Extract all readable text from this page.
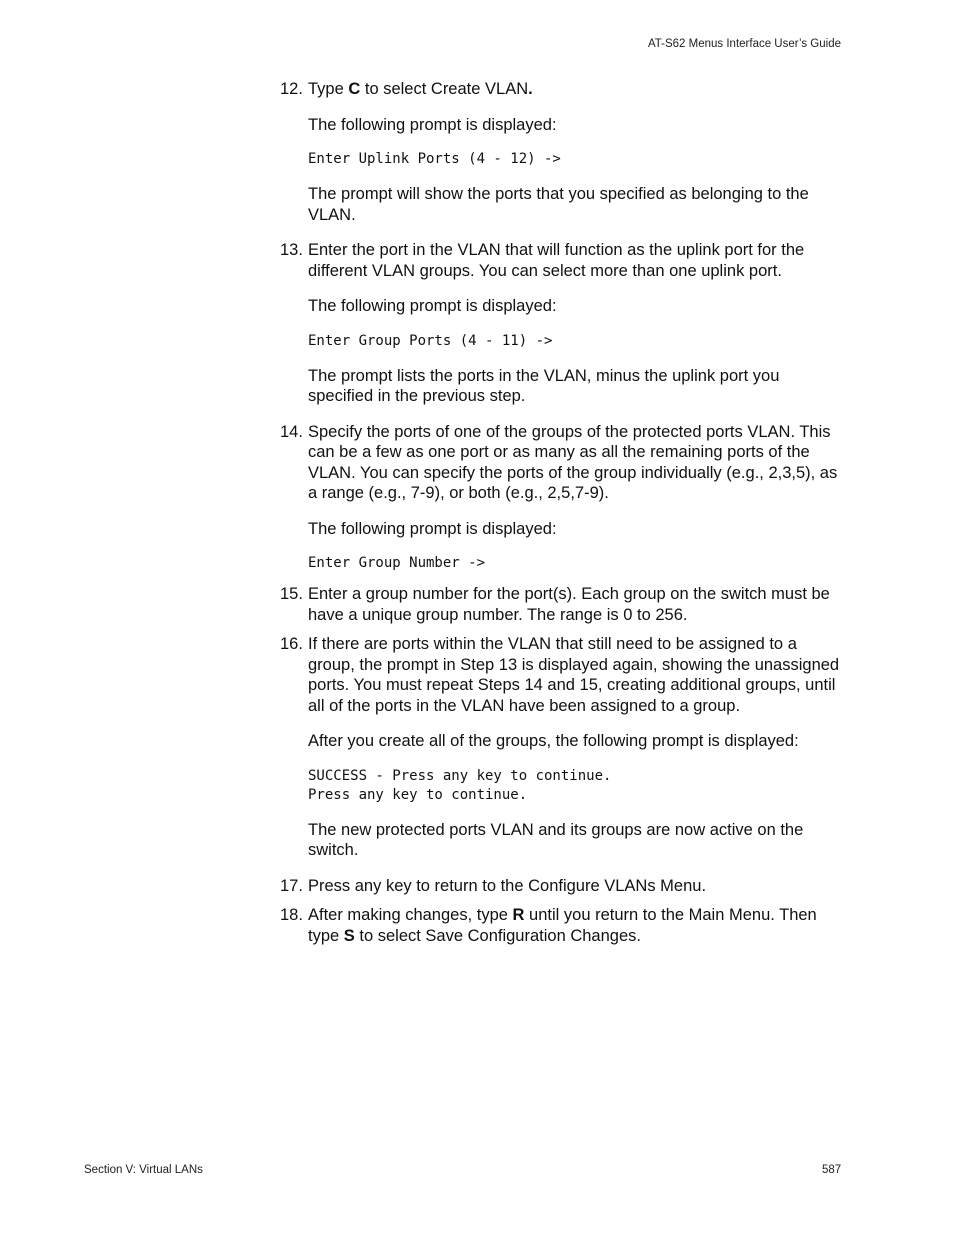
AT-S62 Menus Interface User’s Guide
12. Type C to select Create VLAN.
The following prompt is displayed:
Enter Uplink Ports (4 - 12) ->
The prompt will show the ports that you specified as belonging to the VLAN.
13. Enter the port in the VLAN that will function as the uplink port for the different VLAN groups. You can select more than one uplink port.
The following prompt is displayed:
Enter Group Ports (4 - 11) ->
The prompt lists the ports in the VLAN, minus the uplink port you specified in the previous step.
14. Specify the ports of one of the groups of the protected ports VLAN. This can be a few as one port or as many as all the remaining ports of the VLAN. You can specify the ports of the group individually (e.g., 2,3,5), as a range (e.g., 7-9), or both (e.g., 2,5,7-9).
The following prompt is displayed:
Enter Group Number ->
15. Enter a group number for the port(s). Each group on the switch must be have a unique group number. The range is 0 to 256.
16. If there are ports within the VLAN that still need to be assigned to a group, the prompt in Step 13 is displayed again, showing the unassigned ports. You must repeat Steps 14 and 15, creating additional groups, until all of the ports in the VLAN have been assigned to a group.
After you create all of the groups, the following prompt is displayed:
SUCCESS - Press any key to continue.
Press any key to continue.
The new protected ports VLAN and its groups are now active on the switch.
17. Press any key to return to the Configure VLANs Menu.
18. After making changes, type R until you return to the Main Menu. Then type S to select Save Configuration Changes.
Section V: Virtual LANs	587
